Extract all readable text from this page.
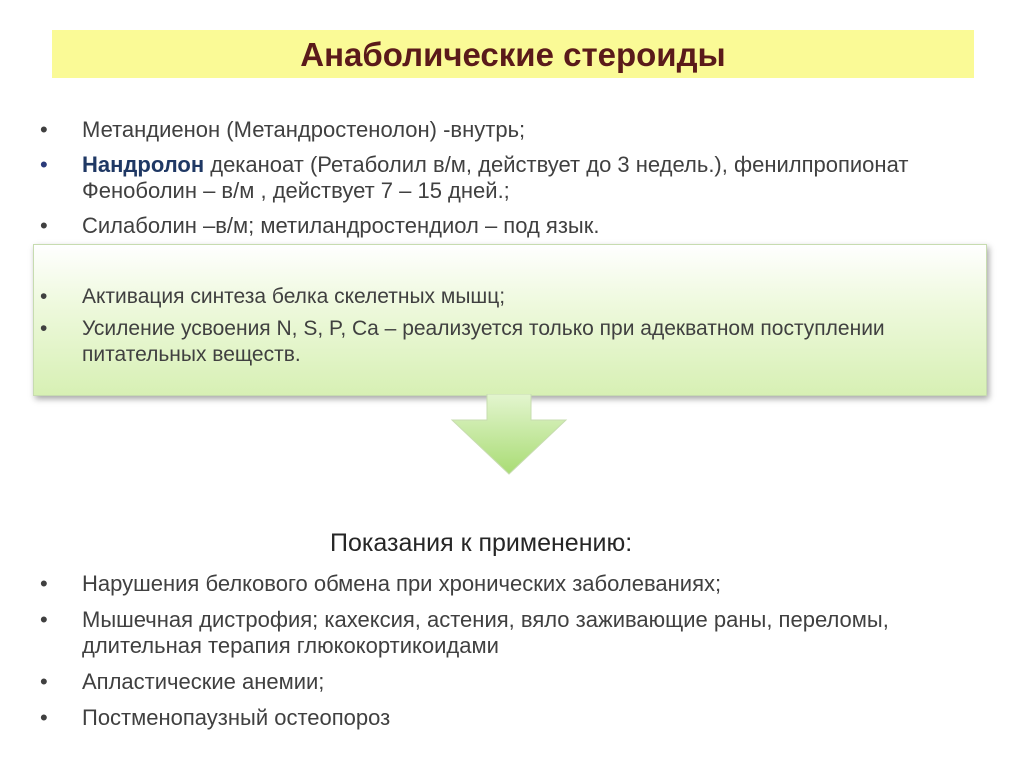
Анаболические стероиды
•	Метандиенон (Метандростенолон) -внутрь;
•	Нандролон деканоат (Ретаболил в/м, действует до 3 недель.), фенилпропионат Феноболин – в/м , действует 7 – 15 дней.;
•	Силаболин –в/м; метиландростендиол – под язык.
•	Активация синтеза белка скелетных мышц;
•	Усиление усвоения N, S, P, Ca – реализуется только при адекватном поступлении питательных веществ.
Показания к применению:
•	Нарушения белкового обмена при хронических заболеваниях;
•	Мышечная дистрофия; кахексия, астения, вяло заживающие раны, переломы, длительная терапия глюкокортикоидами
•	Апластические анемии;
•	Постменопаузный остеопороз
